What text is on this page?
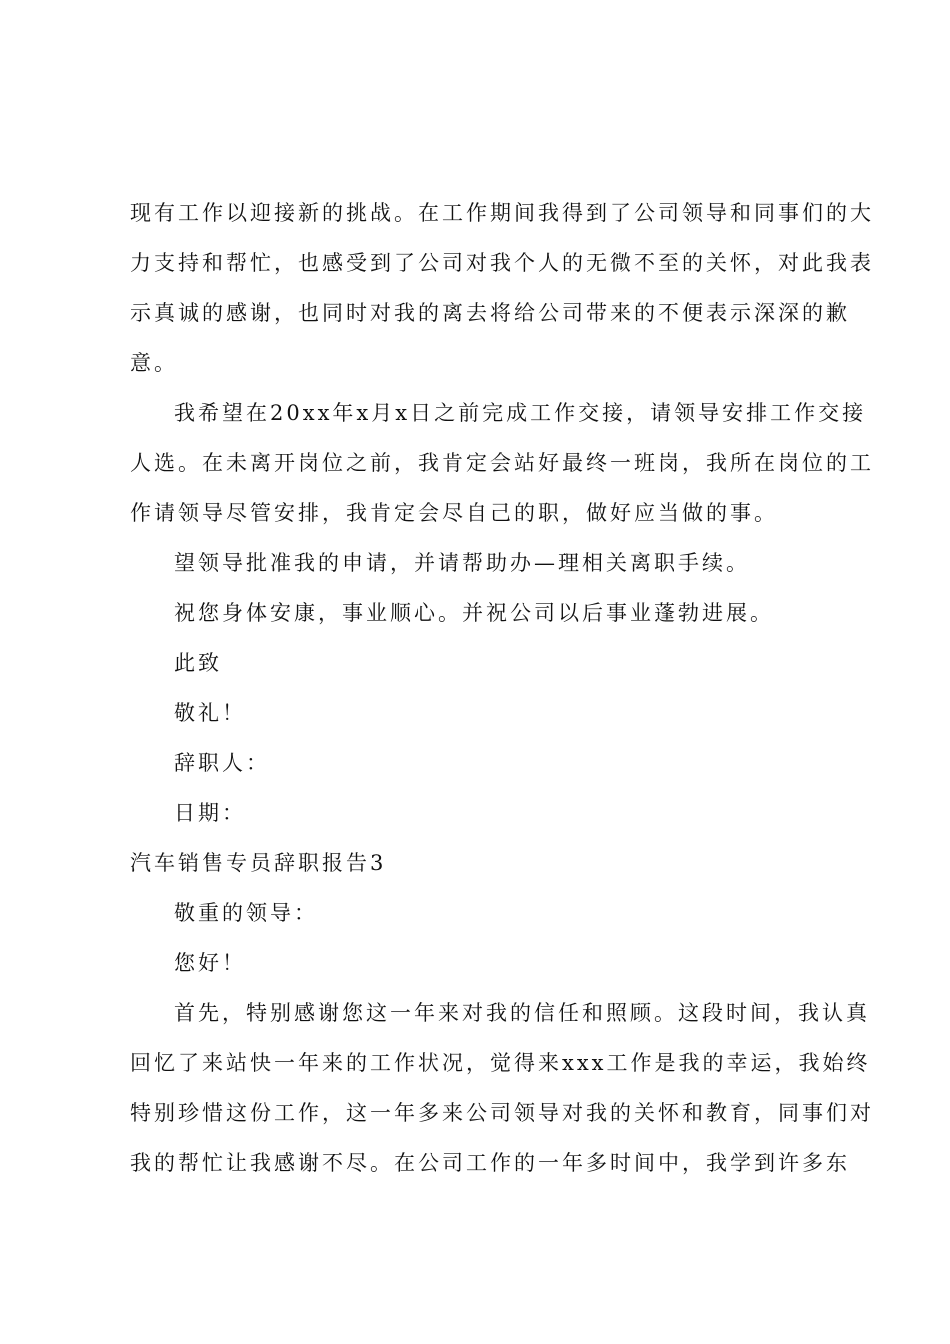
现有工作以迎接新的挑战。在工作期间我得到了公司领导和同事们的大
力支持和帮忙，也感受到了公司对我个人的无微不至的关怀，对此我表
示真诚的感谢，也同时对我的离去将给公司带来的不便表示深深的歉
意。
我希望在20xx年x月x日之前完成工作交接，请领导安排工作交接
人选。在未离开岗位之前，我肯定会站好最终一班岗，我所在岗位的工
作请领导尽管安排，我肯定会尽自己的职，做好应当做的事。
望领导批准我的申请，并请帮助办—理相关离职手续。
祝您身体安康，事业顺心。并祝公司以后事业蓬勃进展。
此致
敬礼！
辞职人：
日期：
汽车销售专员辞职报告3
敬重的领导：
您好！
首先，特别感谢您这一年来对我的信任和照顾。这段时间，我认真
回忆了来站快一年来的工作状况，觉得来xxx工作是我的幸运，我始终
特别珍惜这份工作，这一年多来公司领导对我的关怀和教育，同事们对
我的帮忙让我感谢不尽。在公司工作的一年多时间中，我学到许多东
